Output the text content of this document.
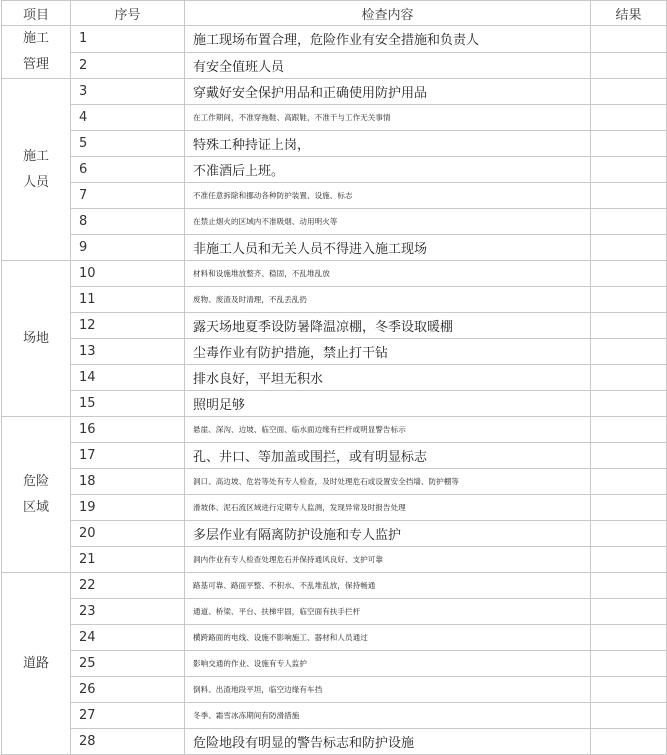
项目	序号	检查内容	结果

施工
管理	1	施工现场布置合理，危险作业有安全措施和负责人	
	2	有安全值班人员	

施工
人员	3	穿戴好安全保护用品和正确使用防护用品	
	4	在工作期间，不准穿拖鞋、高跟鞋，不准干与工作无关事情	
	5	特殊工种持证上岗，	
	6	不准酒后上班。	
	7	不准任意拆除和挪动各种防护装置、设施、标志	
	8	在禁止烟火的区域内不准吸烟、动用明火等	
	9	非施工人员和无关人员不得进入施工现场	

场地	10	材料和设施堆放整齐、稳固，不乱堆乱放	
	11	废物、废渣及时清理，不乱丢乱扔	
	12	露天场地夏季设防暑降温凉棚，冬季设取暖棚	
	13	尘毒作业有防护措施，禁止打干钻	
	14	排水良好，平坦无积水	
	15	照明足够	

危险
区域	16	悬崖、深沟、边坡、临空面、临水面边缘有拦杆或明显警告标示	
	17	孔、井口、等加盖或围拦，或有明显标志	
	18	洞口、高边坡、危岩等处有专人检查，及时处理危石或设置安全挡墙、防护棚等	
	19	滑坡体、泥石流区域进行定期专人监测，发现异常及时报告处理	
	20	多层作业有隔离防护设施和专人监护	
	21	洞内作业有专人检查处理危石并保持通风良好、支护可靠	

道路	22	路基可靠、路面平整、不积水、不乱堆乱放，保持畅通	
	23	通道、桥梁、平台、扶梯牢固，临空面有扶手拦杆	
	24	横跨路面的电线、设施不影响施工、器材和人员通过	
	25	影响交通的作业、设施有专人监护	
	26	倒料、出渣地段平坦，临空边缘有车挡	
	27	冬季、霜雪冰冻期间有防滑措施	
	28	危险地段有明显的警告标志和防护设施	
